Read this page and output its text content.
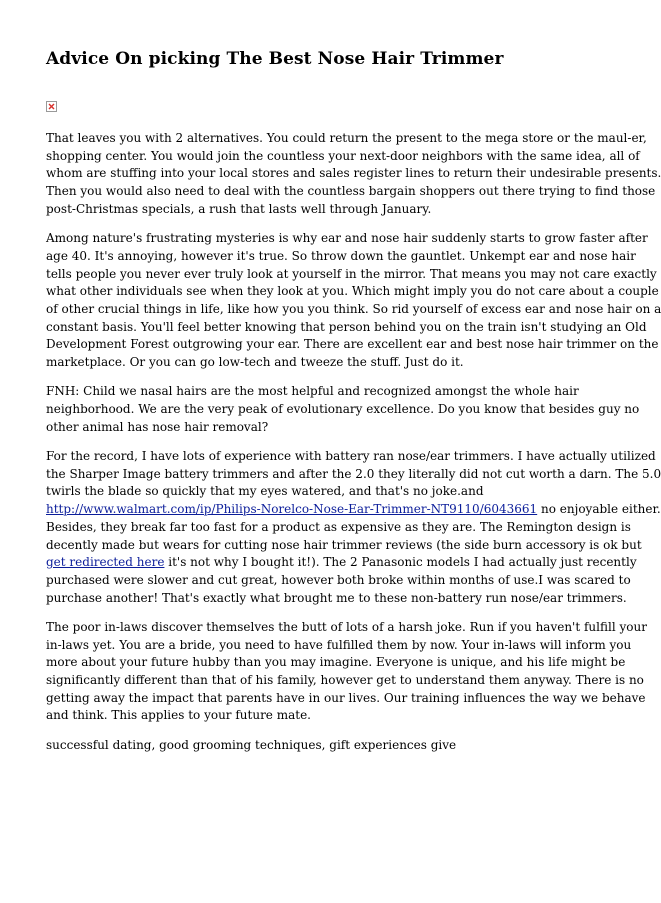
Advice On picking The Best Nose Hair Trimmer

That leaves you with 2 alternatives. You could return the present to the mega store or the maul-er,
shopping center. You would join the countless your next-door neighbors with the same idea, all of
whom are stuffing into your local stores and sales register lines to return their undesirable presents.
Then you would also need to deal with the countless bargain shoppers out there trying to find those
post-Christmas specials, a rush that lasts well through January.

Among nature's frustrating mysteries is why ear and nose hair suddenly starts to grow faster after
age 40. It's annoying, however it's true. So throw down the gauntlet. Unkempt ear and nose hair
tells people you never ever truly look at yourself in the mirror. That means you may not care exactly
what other individuals see when they look at you. Which might imply you do not care about a couple
of other crucial things in life, like how you you think. So rid yourself of excess ear and nose hair on a
constant basis. You'll feel better knowing that person behind you on the train isn't studying an Old
Development Forest outgrowing your ear. There are excellent ear and best nose hair trimmer on the
marketplace. Or you can go low-tech and tweeze the stuff. Just do it.

FNH: Child we nasal hairs are the most helpful and recognized amongst the whole hair
neighborhood. We are the very peak of evolutionary excellence. Do you know that besides guy no
other animal has nose hair removal?

For the record, I have lots of experience with battery ran nose/ear trimmers. I have actually utilized
the Sharper Image battery trimmers and after the 2.0 they literally did not cut worth a darn. The 5.0
twirls the blade so quickly that my eyes watered, and that's no joke.and
http://www.walmart.com/ip/Philips-Norelco-Nose-Ear-Trimmer-NT9110/6043661 no enjoyable either.
Besides, they break far too fast for a product as expensive as they are. The Remington design is
decently made but wears for cutting nose hair trimmer reviews (the side burn accessory is ok but
get redirected here it's not why I bought it!). The 2 Panasonic models I had actually just recently
purchased were slower and cut great, however both broke within months of use.I was scared to
purchase another! That's exactly what brought me to these non-battery run nose/ear trimmers.

The poor in-laws discover themselves the butt of lots of a harsh joke. Run if you haven't fulfill your
in-laws yet. You are a bride, you need to have fulfilled them by now. Your in-laws will inform you
more about your future hubby than you may imagine. Everyone is unique, and his life might be
significantly different than that of his family, however get to understand them anyway. There is no
getting away the impact that parents have in our lives. Our training influences the way we behave
and think. This applies to your future mate.

successful dating, good grooming techniques, gift experiences give
